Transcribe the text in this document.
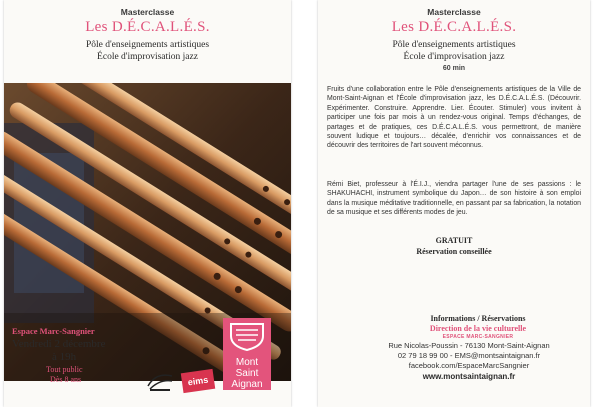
Masterclasse
Les D.É.C.A.L.É.S.
Pôle d'enseignements artistiques
École d'improvisation jazz
Mont
Saint
Aignan
Espace Marc-Sangnier
Vendredi 2 décembre
à 19h
Tout public
Dès 8 ans	eims
Masterclasse
Les D.É.C.A.L.É.S.
Pôle d'enseignements artistiques
École d'improvisation jazz
60 min
Fruits d'une collaboration entre le Pôle d'enseignements artistiques de la Ville de Mont-Saint-Aignan et l'École d'improvisation jazz, les D.É.C.A.L.É.S. (Découvrir. Expérimenter. Construire. Apprendre. Lier. Écouter. Stimuler) vous invitent à participer une fois par mois à un rendez-vous original. Temps d'échanges, de partages et de pratiques, ces D.É.C.A.L.É.S. vous permettront, de manière souvent ludique et toujours… décalée, d'enrichir vos connaissances et de découvrir des territoires de l'art souvent méconnus.
Rémi Biet, professeur à l'É.I.J., viendra partager l'une de ses passions : le SHAKUHACHI, instrument symbolique du Japon… de son histoire à son emploi dans la musique méditative traditionnelle, en passant par sa fabrication, la notation de sa musique et ses différents modes de jeu.
GRATUIT
Réservation conseillée
Informations / Réservations
Direction de la vie culturelle
ESPACE MARC-SANGNIER
Rue Nicolas-Poussin - 76130 Mont-Saint-Aignan
02 79 18 99 00 - EMS@montsaintaignan.fr
facebook.com/EspaceMarcSangnier
www.montsaintaignan.fr
